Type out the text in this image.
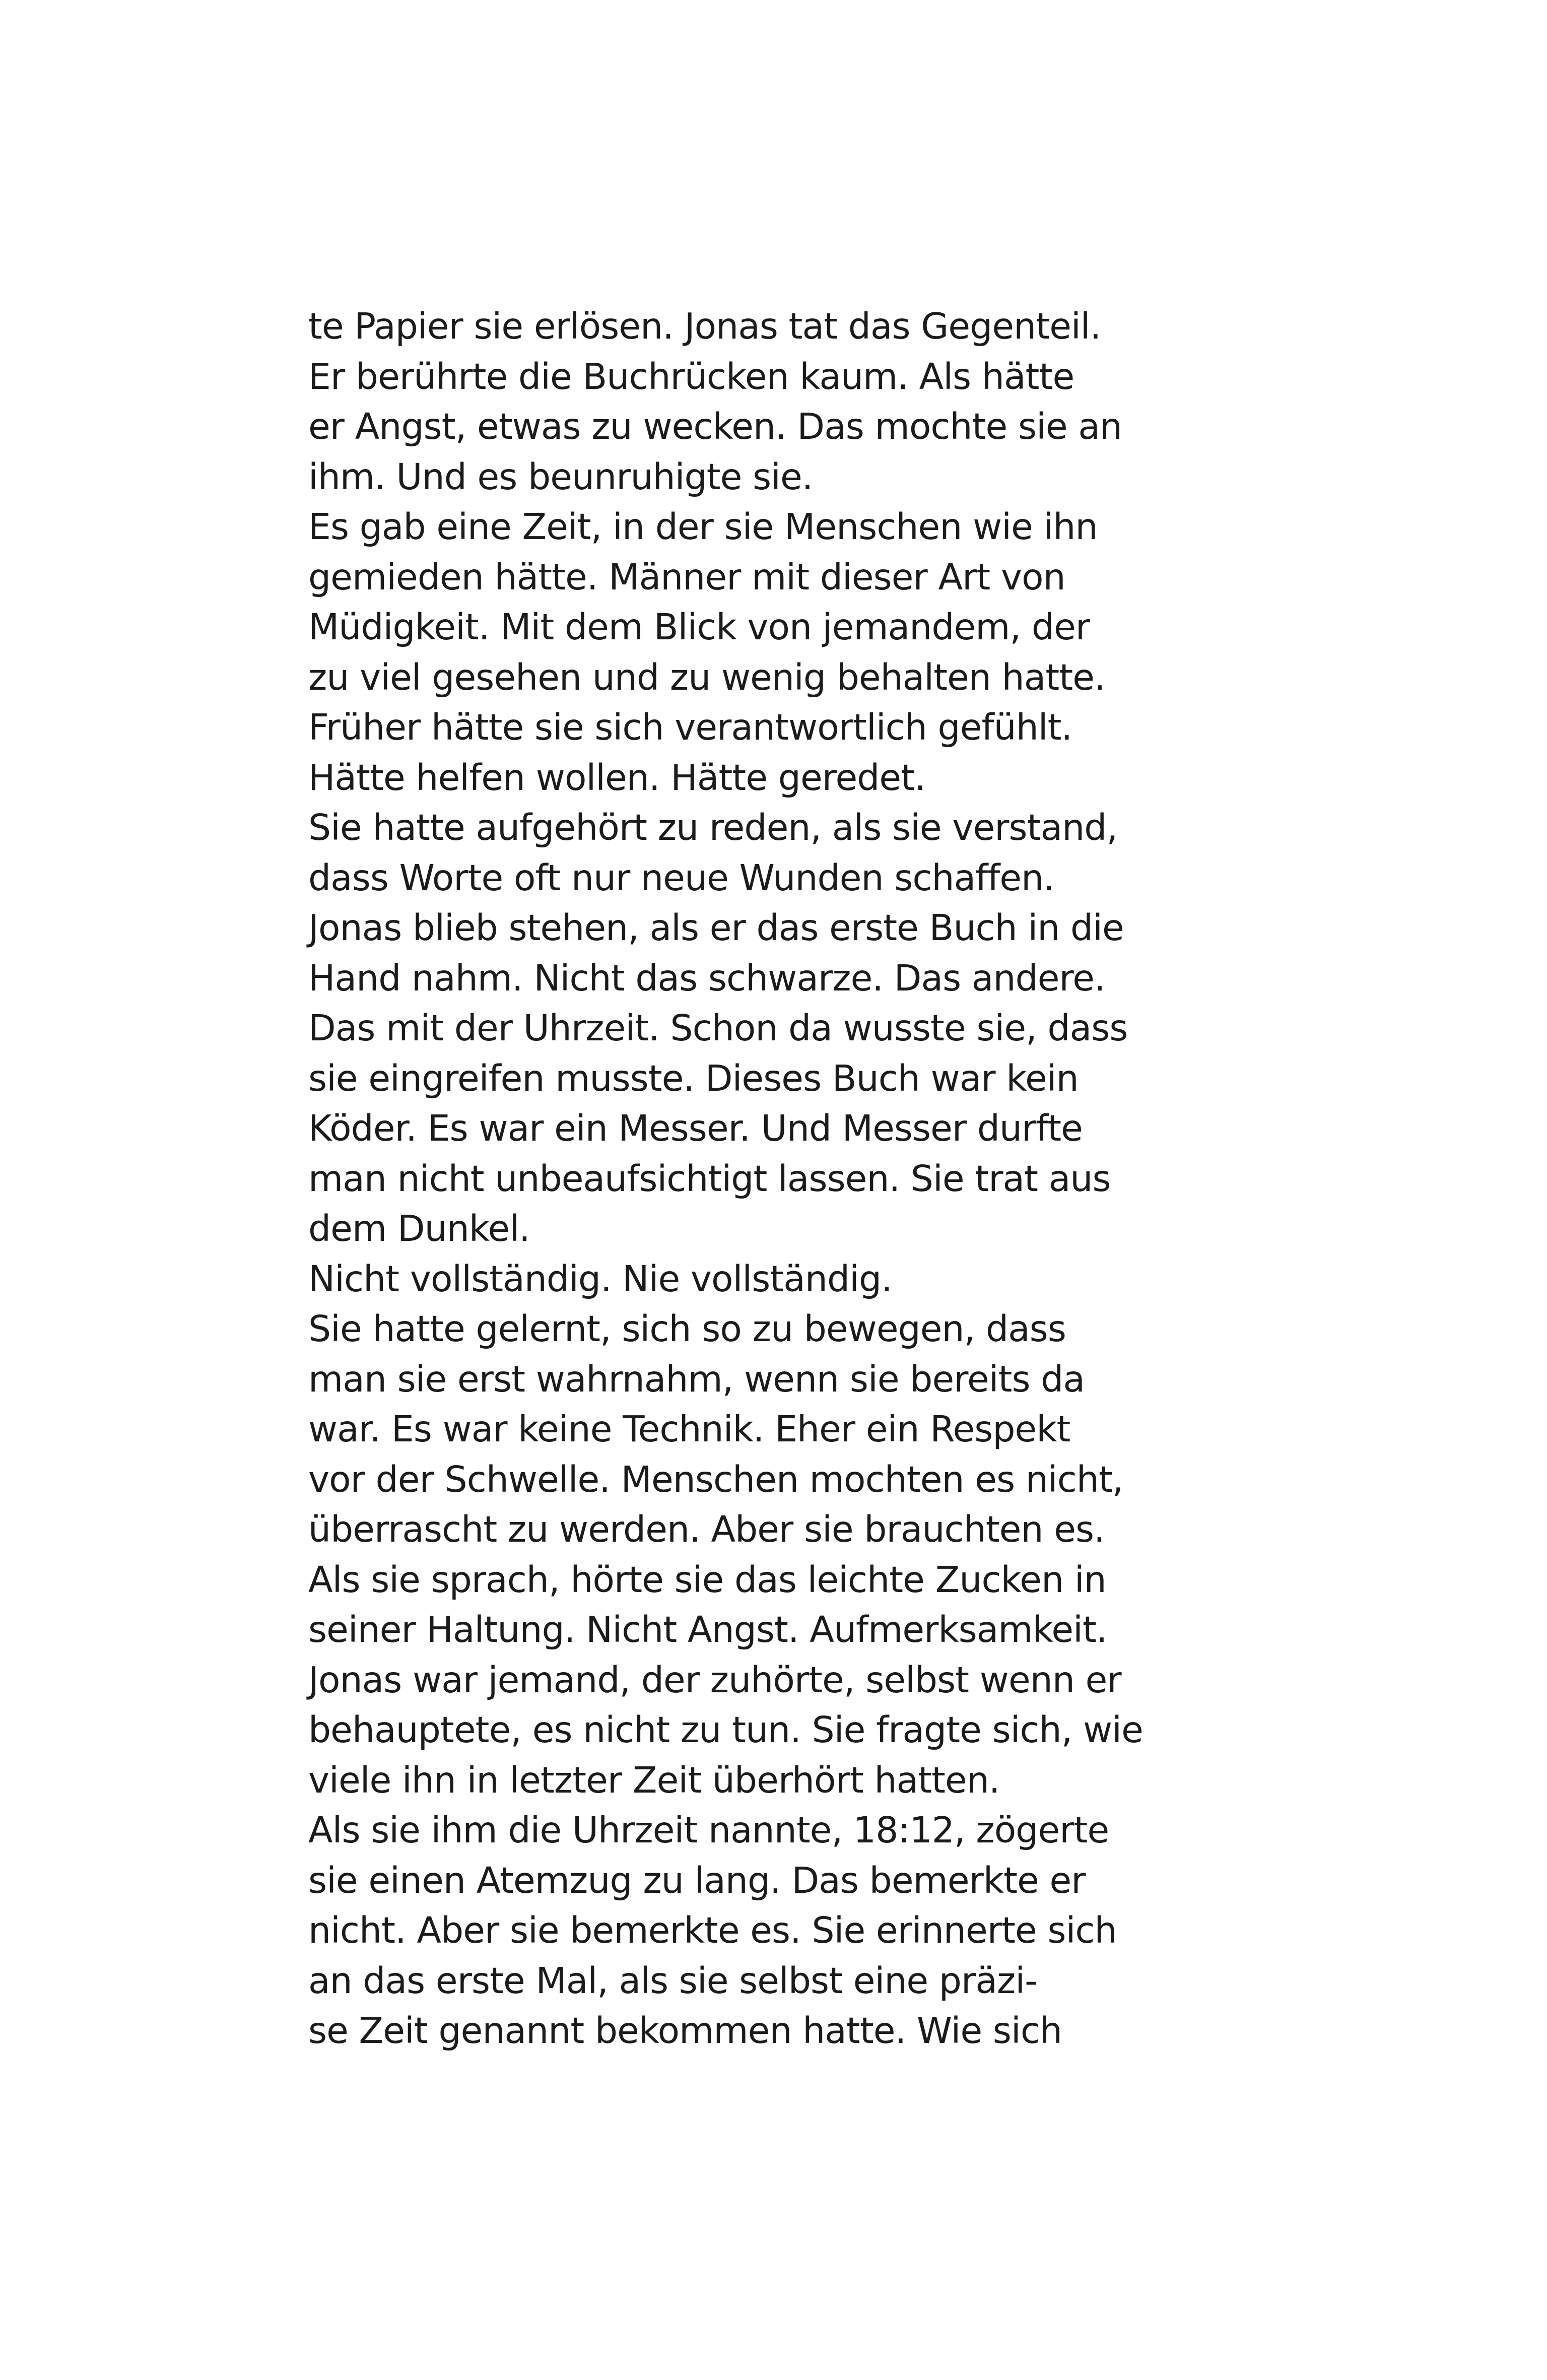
te Papier sie erlösen. Jonas tat das Gegenteil.
Er berührte die Buchrücken kaum. Als hätte
er Angst, etwas zu wecken. Das mochte sie an
ihm. Und es beunruhigte sie.
Es gab eine Zeit, in der sie Menschen wie ihn
gemieden hätte. Männer mit dieser Art von
Müdigkeit. Mit dem Blick von jemandem, der
zu viel gesehen und zu wenig behalten hatte.
Früher hätte sie sich verantwortlich gefühlt.
Hätte helfen wollen. Hätte geredet.
Sie hatte aufgehört zu reden, als sie verstand,
dass Worte oft nur neue Wunden schaffen.
Jonas blieb stehen, als er das erste Buch in die
Hand nahm. Nicht das schwarze. Das andere.
Das mit der Uhrzeit. Schon da wusste sie, dass
sie eingreifen musste. Dieses Buch war kein
Köder. Es war ein Messer. Und Messer durfte
man nicht unbeaufsichtigt lassen. Sie trat aus
dem Dunkel.
Nicht vollständig. Nie vollständig.
Sie hatte gelernt, sich so zu bewegen, dass
man sie erst wahrnahm, wenn sie bereits da
war. Es war keine Technik. Eher ein Respekt
vor der Schwelle. Menschen mochten es nicht,
überrascht zu werden. Aber sie brauchten es.
Als sie sprach, hörte sie das leichte Zucken in
seiner Haltung. Nicht Angst. Aufmerksamkeit.
Jonas war jemand, der zuhörte, selbst wenn er
behauptete, es nicht zu tun. Sie fragte sich, wie
viele ihn in letzter Zeit überhört hatten.
Als sie ihm die Uhrzeit nannte, 18:12, zögerte
sie einen Atemzug zu lang. Das bemerkte er
nicht. Aber sie bemerkte es. Sie erinnerte sich
an das erste Mal, als sie selbst eine präzi-
se Zeit genannt bekommen hatte. Wie sich
